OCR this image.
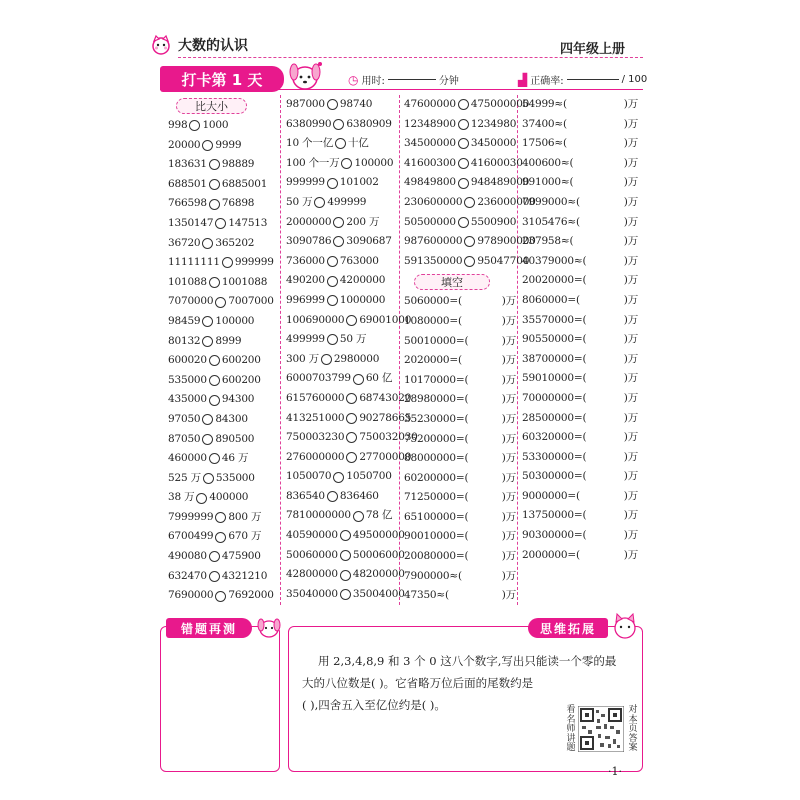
大数的认识	四年级上册
打卡第 1 天	◷ 用时:	分钟	▟ 正确率:	/ 100
比大小
998 1000
20000 9999
183631 98889
688501 6885001
766598 76898
1350147 147513
36720 365202
11111111 999999
101088 1001088
7070000 7007000
98459 100000
80132 8999
600020 600200
535000 600200
435000 94300
97050 84300
87050 890500
460000 46 万
525 万 535000
38 万 400000
7999999 800 万
6700499 670 万
490080 475900
632470 4321210
7690000 7692000
987000 98740
6380990 6380909
10 个一亿 十亿
100 个一万 100000
999999 101002
50 万 499999
2000000 200 万
3090786 3090687
736000 763000
490200 4200000
996999 1000000
100690000 69001000
499999 50 万
300 万 2980000
6000703799 60 亿
615760000 68743020
413251000 90278665
750003230 750032030
276000000 27700000
1050070 1050700
836540 836460
7810000000 78 亿
40590000 49500000
50060000 50006000
42800000 48200000
35040000 35004000
47600000 475000000
12348900 1234980
34500000 3450000
41600300 41600030
49849800 948489000
230600000 236000000
50500000 5500900
987600000 978900000
591350000 95047700
填空
5060000=(	)万
1080000=(	)万
50010000=(	)万
2020000=(	)万
10170000=(	)万
28980000=(	)万
35230000=(	)万
75200000=(	)万
88000000=(	)万
60200000=(	)万
71250000=(	)万
65100000=(	)万
90010000=(	)万
20080000=(	)万
7900000≈(	)万
47350≈(	)万
54999≈(	)万
37400≈(	)万
17506≈(	)万
400600≈(	)万
991000≈(	)万
7999000≈(	)万
3105476≈(	)万
237958≈(	)万
40379000≈(	)万
20020000=(	)万
8060000=(	)万
35570000=(	)万
90550000=(	)万
38700000=(	)万
59010000=(	)万
70000000=(	)万
28500000=(	)万
60320000=(	)万
53300000=(	)万
50300000=(	)万
9000000=(	)万
13750000=(	)万
90300000=(	)万
2000000=(	)万
错题再测	思维拓展
用 2,3,4,8,9 和 3 个 0 这八个数字,写出只能读一个零的最
大的八位数是( )。它省略万位后面的尾数约是
( ),四舍五入至亿位约是( )。	看名师讲题
对本页答案
·1·
